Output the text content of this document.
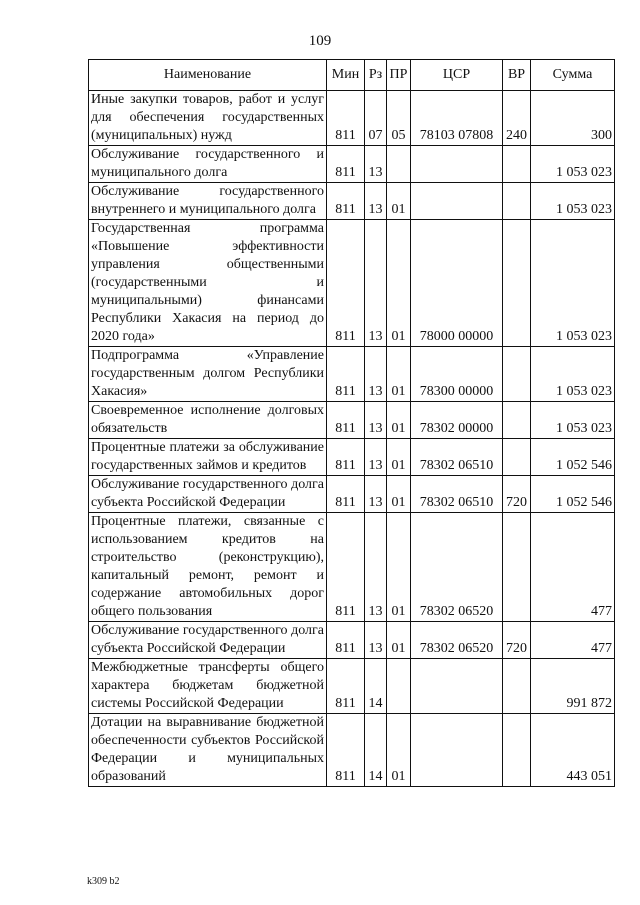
109
Наименование	Мин	Рз	ПР	ЦСР	ВР	Сумма
Иные закупки товаров, работ и услуг для обеспечения государственных (муниципальных) нужд	811	07	05	78103 07808	240	300
Обслуживание государственного и муниципального долга	811	13				1 053 023
Обслуживание государственного внутреннего и муниципального долга	811	13	01			1 053 023
Государственная программа «Повышение эффективности управления общественными (государственными и муниципальными) финансами Республики Хакасия на период до 2020 года»	811	13	01	78000 00000		1 053 023
Подпрограмма «Управление государственным долгом Республики Хакасия»	811	13	01	78300 00000		1 053 023
Своевременное исполнение долговых обязательств	811	13	01	78302 00000		1 053 023
Процентные платежи за обслуживание государственных займов и кредитов	811	13	01	78302 06510		1 052 546
Обслуживание государственного долга субъекта Российской Федерации	811	13	01	78302 06510	720	1 052 546
Процентные платежи, связанные с использованием кредитов на строительство (реконструкцию), капитальный ремонт, ремонт и содержание автомобильных дорог общего пользования	811	13	01	78302 06520		477
Обслуживание государственного долга субъекта Российской Федерации	811	13	01	78302 06520	720	477
Межбюджетные трансферты общего характера бюджетам бюджетной системы Российской Федерации	811	14				991 872
Дотации на выравнивание бюджетной обеспеченности субъектов Российской Федерации и муниципальных образований	811	14	01			443 051
k309 b2
